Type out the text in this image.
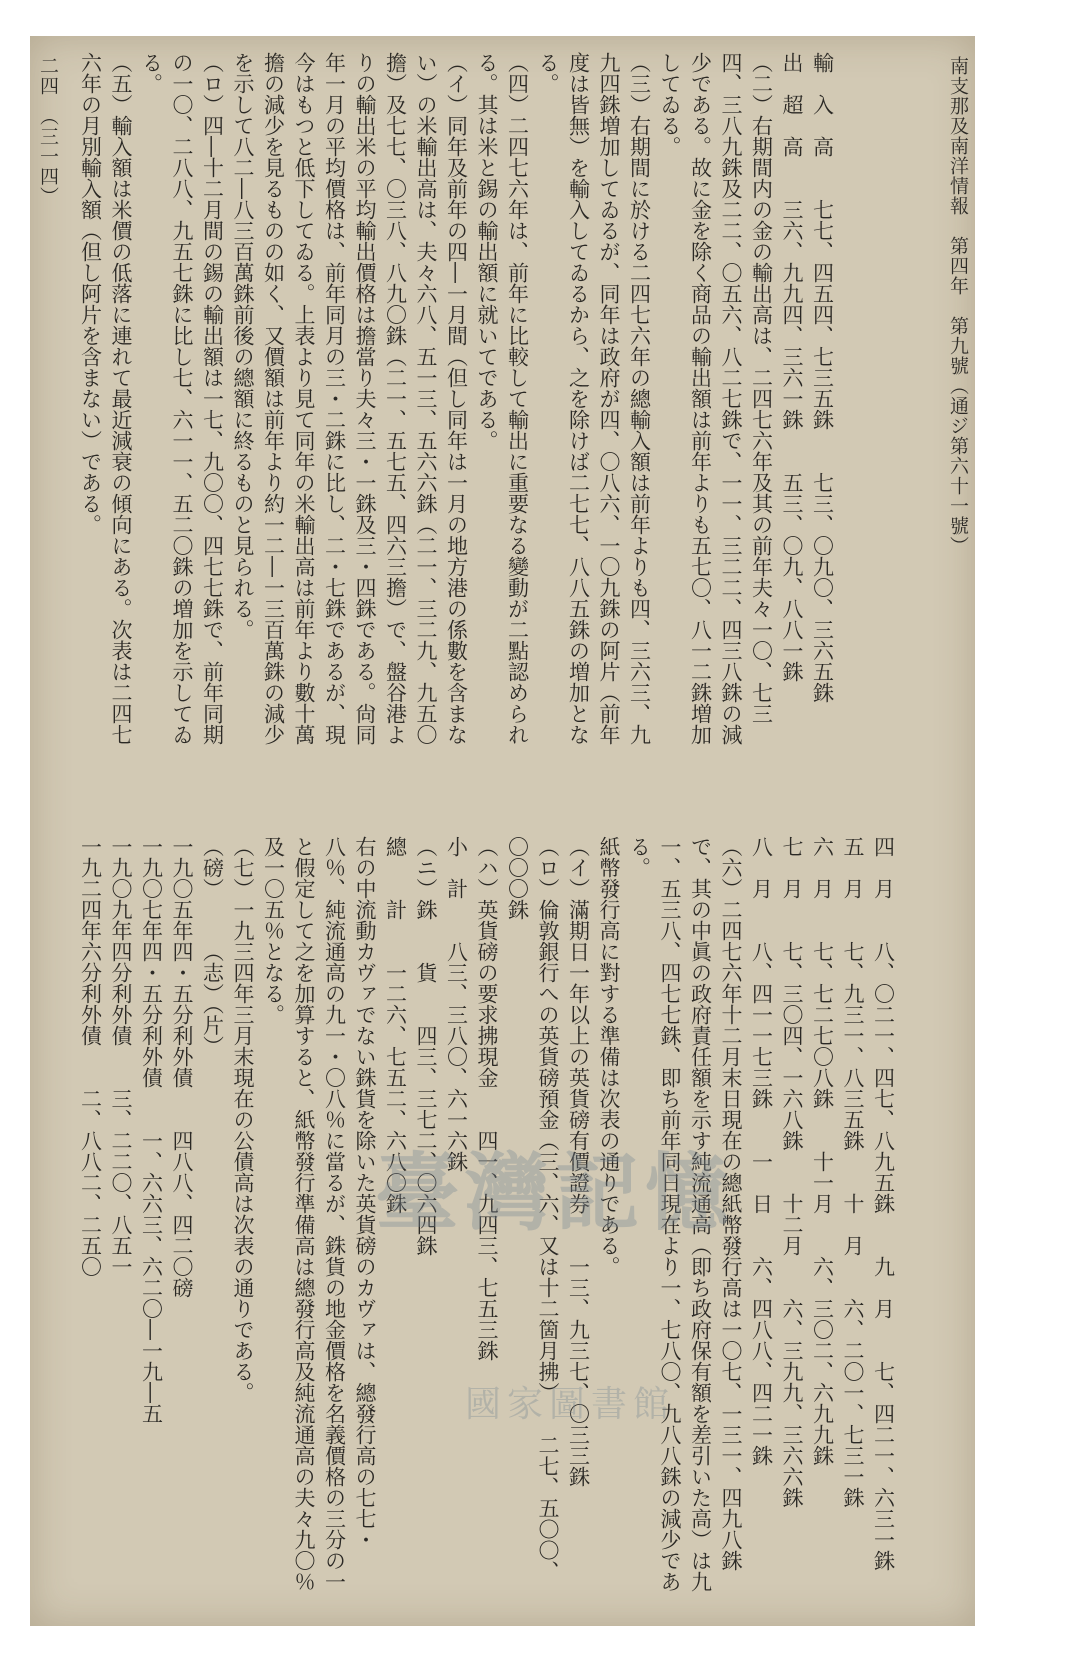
南支那及南洋情報　第四年　第九號（通ジ第六十一號）
二四　（三一四）	輸　入　高　　七七、四五四、七三五銖　　七三、〇九〇、三六五銖

出　超　高　　三六、九九四、三六一銖　　五三、〇九、八八一銖

（二）右期間内の金の輸出高は、二四七六年及其の前年夫々一〇、七三四、三八九銖及二二、〇五六、八二七銖で、一一、三二二、四三八銖の減少である。故に金を除く商品の輸出額は前年よりも五七〇、八一二銖増加してゐる。

（三）右期間に於ける二四七六年の總輸入額は前年よりも四、三六三、九九四銖増加してゐるが、同年は政府が四、〇八六、一〇九銖の阿片（前年度は皆無）を輸入してゐるから、之を除けば二七七、八八五銖の増加となる。

（四）二四七六年は、前年に比較して輸出に重要なる變動が二點認められる。其は米と錫の輸出額に就いてである。

（イ）同年及前年の四―一月間（但し同年は一月の地方港の係數を含まない）の米輸出高は、夫々六八、五一三、五六六銖（二一、三二九、九五〇擔）及七七、〇三八、八九〇銖（二一、五七五、四六三擔）で、盤谷港よりの輸出米の平均輸出價格は擔當り夫々三・一銖及三・四銖である。尙同年一月の平均價格は、前年同月の三・二銖に比し、二・七銖であるが、現今はもつと低下してゐる。上表より見て同年の米輸出高は前年より數十萬擔の減少を見るものの如く、又價額は前年より約一二―一三百萬銖の減少を示して八二―八三百萬銖前後の總額に終るものと見られる。

（ロ）四―十二月間の錫の輸出額は一七、九〇〇、四七七銖で、前年同期の一〇、二八八、九五七銖に比し七、六一一、五二〇銖の増加を示してゐる。

（五）輸入額は米價の低落に連れて最近減衰の傾向にある。次表は二四七六年の月別輸入額（但し阿片を含まない）である。

四　月　　八、〇二一、四七、八九五銖　　九　月　　七、四二一、六三一銖

五　月　　七、九三一、八三五銖　　十　月　　六、二〇一、七三一銖

六　月　　七、七二七〇八銖　　十一月　　六、三〇二、六九九銖

七　月　　七、三〇四、一六八銖　　十二月　　六、三九九、三六六銖

八　月　　八、四一一七三銖　　一　日　　六、四八八、四二一銖

（六）二四七六年十二月末日現在の總紙幣發行高は一〇七、一三一、四九八銖で、其の中眞の政府責任額を示す純流通高（即ち政府保有額を差引いた高）は九一、五三八、四七七銖、即ち前年同日現在より一、七八〇、九八八銖の減少である。

紙幣發行高に對する準備は次表の通りである。

（イ）滿期日一年以上の英貨磅有價證券　　一三、九三七、〇三三銖

（ロ）倫敦銀行への英貨磅預金（三、六、又は十二箇月拂）　　二七、五〇〇、〇〇〇銖

（ハ）英貨磅の要求拂現金　　四一、九四三、七五三銖

小　計　　八三、三八〇、六一六銖

（ニ）銖　　貨　　四三、三七二、〇六四銖

總　　計　　一二六、七五二、六八〇銖

右の中流動カヴァでない銖貨を除いた英貨磅のカヴァは、總發行高の七七・八％、純流通高の九一・〇八％に當るが、銖貨の地金價格を名義價格の三分の一と假定して之を加算すると、紙幣發行準備高は總發行高及純流通高の夫々九〇％及一〇五％となる。

（七）一九三四年三月末現在の公債高は次表の通りである。

（磅）　　　（志）（片）

一九〇五年四・五分利外債　　四八八、四二〇磅

一九〇七年四・五分利外債　　一、六六三、六二〇―一九―五

一九〇九年四分利外債　　三、二二〇、八五一

一九二四年六分利外債　　二、八八二、二五〇	臺灣記憶
國家圖書館
